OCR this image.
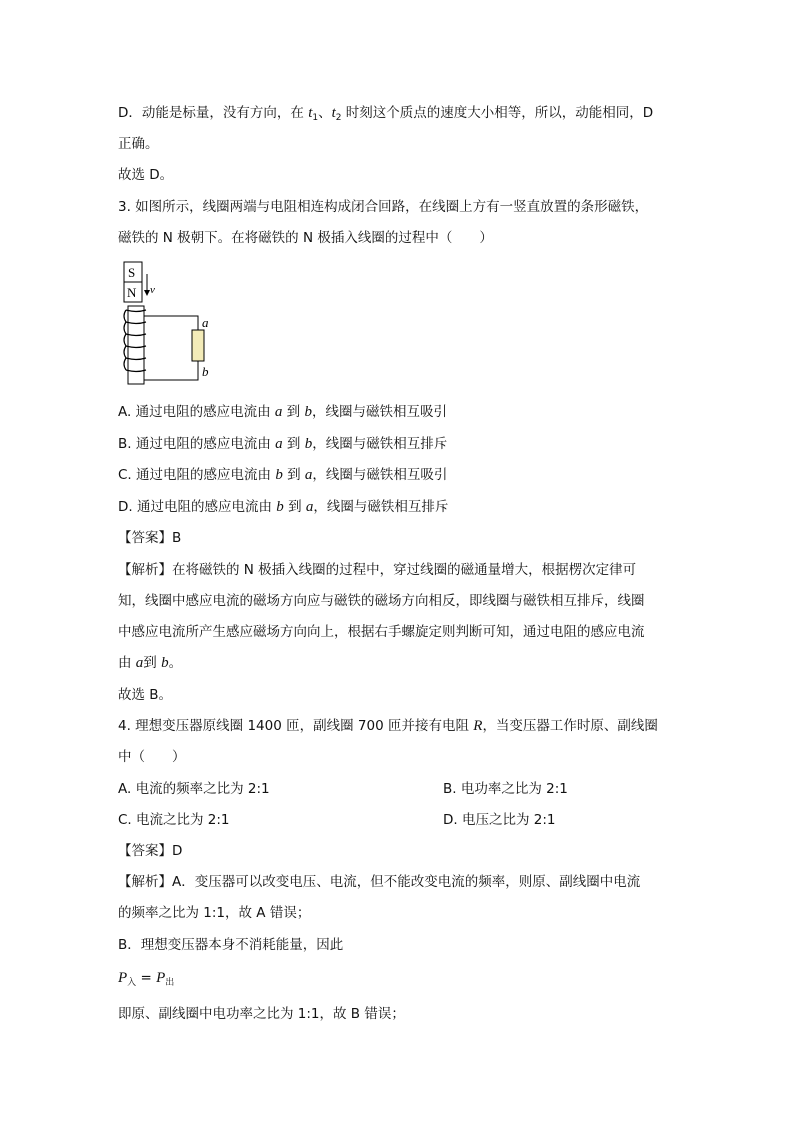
D．动能是标量，没有方向，在 $t_1$、$t_2$ 时刻这个质点的速度大小相等，所以，动能相同，D
正确。
故选 D。
3. 如图所示，线圈两端与电阻相连构成闭合回路，在线圈上方有一竖直放置的条形磁铁，
磁铁的 N 极朝下。在将磁铁的 N 极插入线圈的过程中（　　）
S
N v
a
b
A. 通过电阻的感应电流由 a 到 b，线圈与磁铁相互吸引
B. 通过电阻的感应电流由 a 到 b，线圈与磁铁相互排斥
C. 通过电阻的感应电流由 b 到 a，线圈与磁铁相互吸引
D. 通过电阻的感应电流由 b 到 a，线圈与磁铁相互排斥
【答案】B
【解析】在将磁铁的 N 极插入线圈的过程中，穿过线圈的磁通量增大，根据楞次定律可
知，线圈中感应电流的磁场方向应与磁铁的磁场方向相反，即线圈与磁铁相互排斥，线圈
中感应电流所产生感应磁场方向向上，根据右手螺旋定则判断可知，通过电阻的感应电流
由 a到 b。
故选 B。
4. 理想变压器原线圈 1400 匝，副线圈 700 匝并接有电阻 R，当变压器工作时原、副线圈
中（　　）
A. 电流的频率之比为 2:1	B. 电功率之比为 2:1
C. 电流之比为 2:1	D. 电压之比为 2:1
【答案】D
【解析】A．变压器可以改变电压、电流，但不能改变电流的频率，则原、副线圈中电流
的频率之比为 1:1，故 A 错误；
B．理想变压器本身不消耗能量，因此
$P_入 = P_出$
即原、副线圈中电功率之比为 1:1，故 B 错误；
